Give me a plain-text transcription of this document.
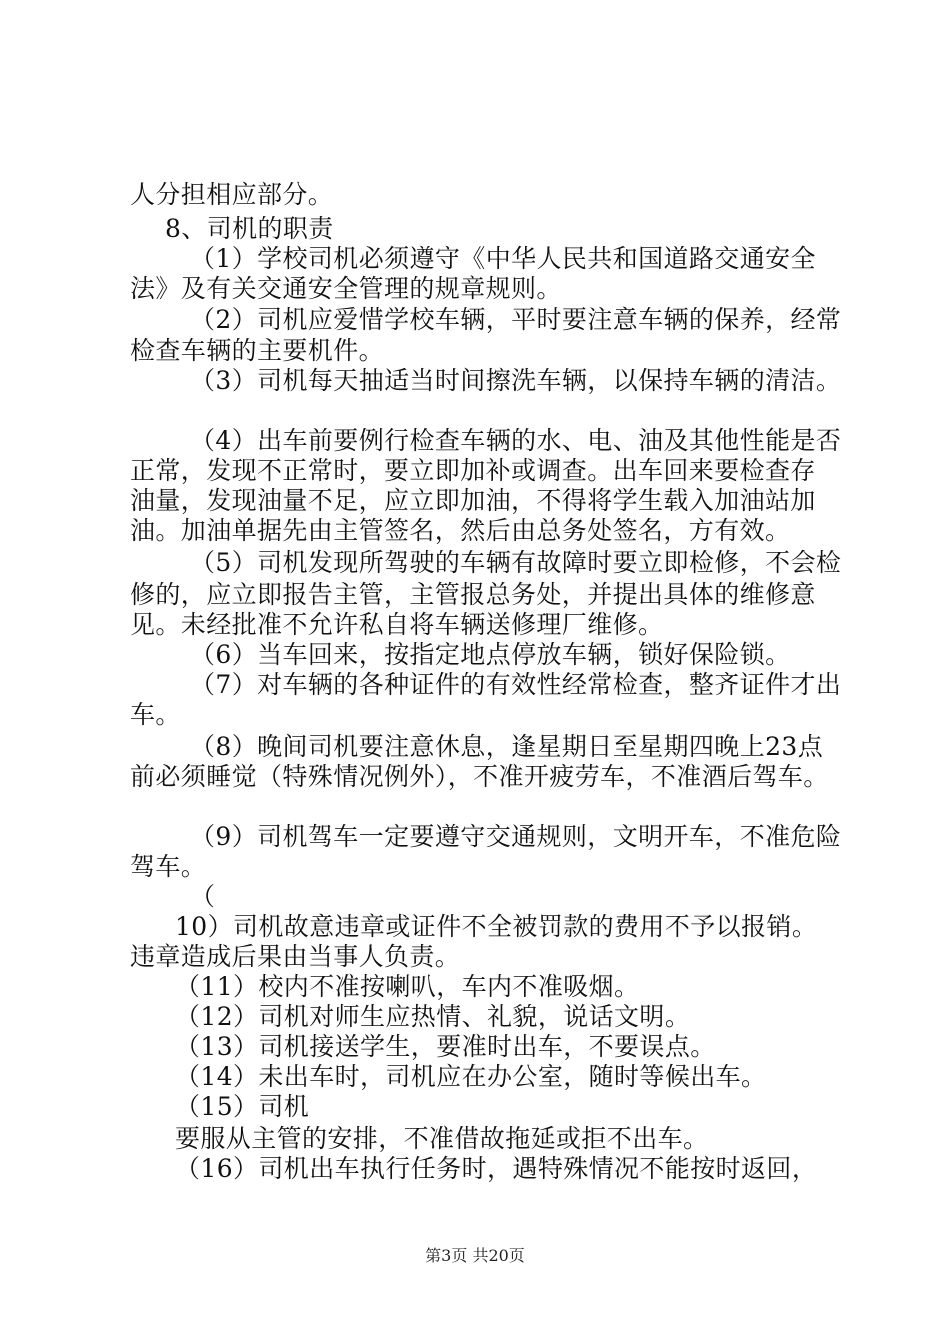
人分担相应部分。
8、司机的职责
（1）学校司机必须遵守《中华人民共和国道路交通安全
法》及有关交通安全管理的规章规则。
（2）司机应爱惜学校车辆，平时要注意车辆的保养，经常
检查车辆的主要机件。
（3）司机每天抽适当时间擦洗车辆，以保持车辆的清洁。
（4）出车前要例行检查车辆的水、电、油及其他性能是否
正常，发现不正常时，要立即加补或调查。出车回来要检查存
油量，发现油量不足，应立即加油，不得将学生载入加油站加
油。加油单据先由主管签名，然后由总务处签名，方有效。
（5）司机发现所驾驶的车辆有故障时要立即检修，不会检
修的，应立即报告主管，主管报总务处，并提出具体的维修意
见。未经批准不允许私自将车辆送修理厂维修。
（6）当车回来，按指定地点停放车辆，锁好保险锁。
（7）对车辆的各种证件的有效性经常检查，整齐证件才出
车。
（8）晚间司机要注意休息，逢星期日至星期四晚上23点
前必须睡觉（特殊情况例外），不准开疲劳车，不准酒后驾车。
（9）司机驾车一定要遵守交通规则，文明开车，不准危险
驾车。
（
10）司机故意违章或证件不全被罚款的费用不予以报销。
违章造成后果由当事人负责。
（11）校内不准按喇叭，车内不准吸烟。
（12）司机对师生应热情、礼貌，说话文明。
（13）司机接送学生，要准时出车，不要误点。
（14）未出车时，司机应在办公室，随时等候出车。
（15）司机
要服从主管的安排，不准借故拖延或拒不出车。
（16）司机出车执行任务时，遇特殊情况不能按时返回，
第3页 共20页
